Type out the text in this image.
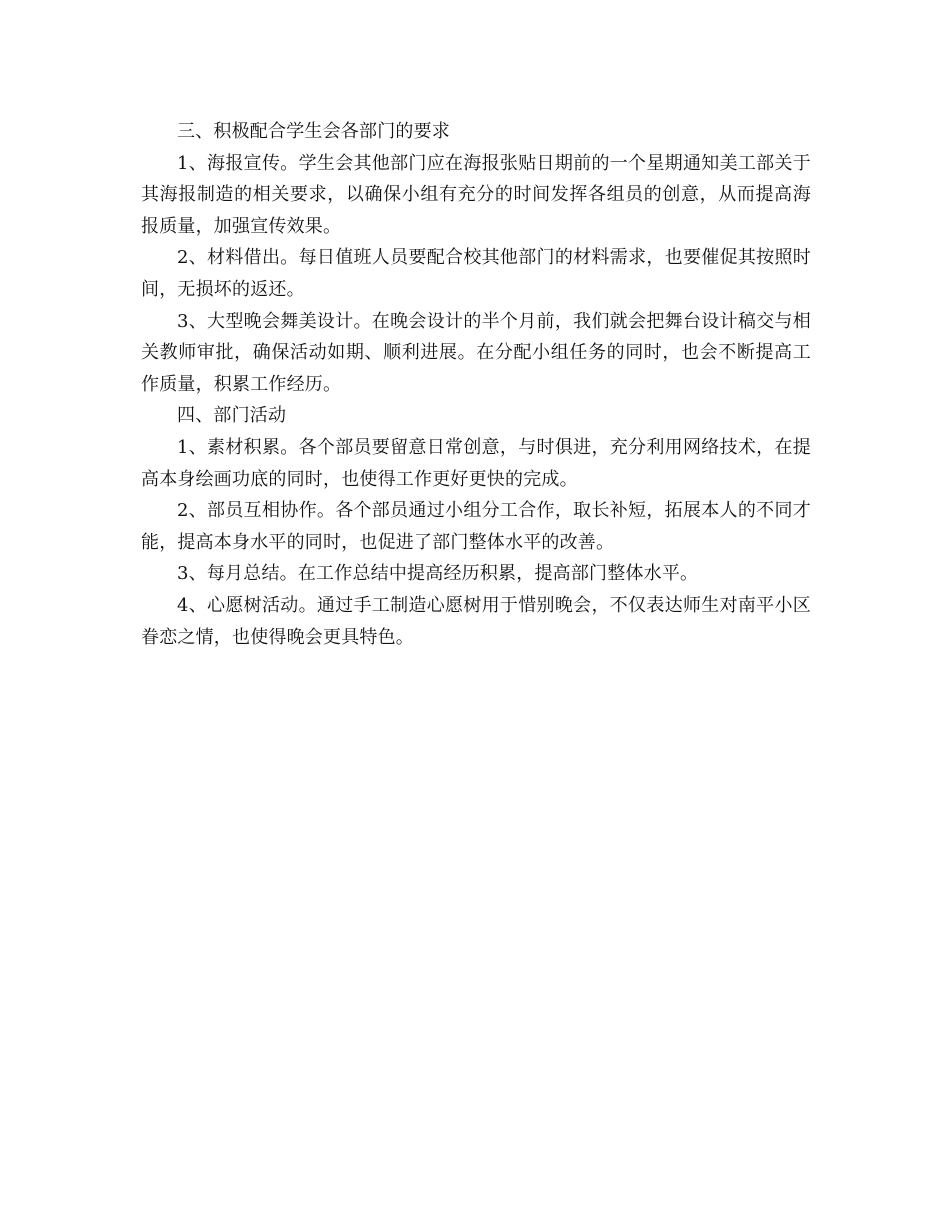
三、积极配合学生会各部门的要求

1、海报宣传。学生会其他部门应在海报张贴日期前的一个星期通知美工部关于其海报制造的相关要求，以确保小组有充分的时间发挥各组员的创意，从而提高海报质量，加强宣传效果。

2、材料借出。每日值班人员要配合校其他部门的材料需求，也要催促其按照时间，无损坏的返还。

3、大型晚会舞美设计。在晚会设计的半个月前，我们就会把舞台设计稿交与相关教师审批，确保活动如期、顺利进展。在分配小组任务的同时，也会不断提高工作质量，积累工作经历。

四、部门活动

1、素材积累。各个部员要留意日常创意，与时俱进，充分利用网络技术，在提高本身绘画功底的同时，也使得工作更好更快的完成。

2、部员互相协作。各个部员通过小组分工合作，取长补短，拓展本人的不同才能，提高本身水平的同时，也促进了部门整体水平的改善。

3、每月总结。在工作总结中提高经历积累，提高部门整体水平。

4、心愿树活动。通过手工制造心愿树用于惜别晚会，不仅表达师生对南平小区眷恋之情，也使得晚会更具特色。
